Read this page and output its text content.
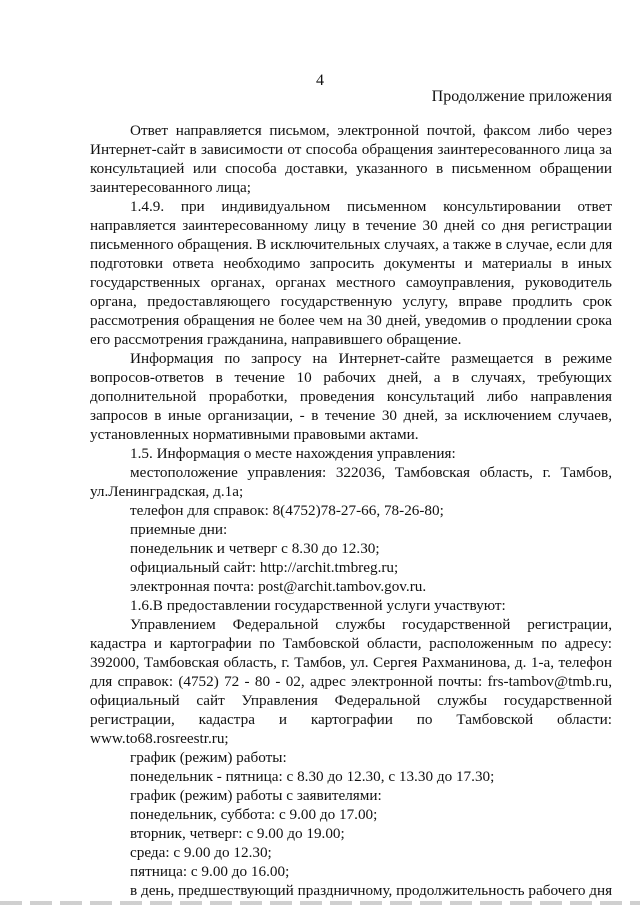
4
Продолжение приложения
Ответ направляется письмом, электронной почтой, факсом либо через
Интернет-сайт в зависимости от способа обращения заинтересованного лица за
консультацией или способа доставки, указанного в письменном обращении
заинтересованного лица;
1.4.9. при индивидуальном письменном консультировании ответ
направляется заинтересованному лицу в течение 30 дней со дня регистрации
письменного обращения. В исключительных случаях, а также в случае, если для
подготовки ответа необходимо запросить документы и материалы в иных
государственных органах, органах местного самоуправления, руководитель
органа, предоставляющего государственную услугу, вправе продлить срок
рассмотрения обращения не более чем на 30 дней, уведомив о продлении срока
его рассмотрения гражданина, направившего обращение.
Информация по запросу на Интернет-сайте размещается в режиме
вопросов-ответов в течение 10 рабочих дней, а в случаях, требующих
дополнительной проработки, проведения консультаций либо направления
запросов в иные организации, - в течение 30 дней, за исключением случаев,
установленных нормативными правовыми актами.
1.5. Информация о месте нахождения управления:
местоположение управления: 322036, Тамбовская область, г. Тамбов,
ул.Ленинградская, д.1а;
телефон для справок: 8(4752)78-27-66, 78-26-80;
приемные дни:
понедельник и четверг с 8.30 до 12.30;
официальный сайт: http://archit.tmbreg.ru;
электронная почта: post@archit.tambov.gov.ru.
1.6.В предоставлении государственной услуги участвуют:
Управлением Федеральной службы государственной регистрации,
кадастра и картографии по Тамбовской области, расположенным по адресу:
392000, Тамбовская область, г. Тамбов, ул. Сергея Рахманинова, д. 1-а, телефон
для справок: (4752) 72 - 80 - 02, адрес электронной почты: frs-tambov@tmb.ru,
официальный сайт Управления Федеральной службы государственной
регистрации, кадастра и картографии по Тамбовской области:
www.to68.rosreestr.ru;
график (режим) работы:
понедельник - пятница: с 8.30 до 12.30, с 13.30 до 17.30;
график (режим) работы с заявителями:
понедельник, суббота: с 9.00 до 17.00;
вторник, четверг: с 9.00 до 19.00;
среда: с 9.00 до 12.30;
пятница: с 9.00 до 16.00;
в день, предшествующий праздничному, продолжительность рабочего дня
